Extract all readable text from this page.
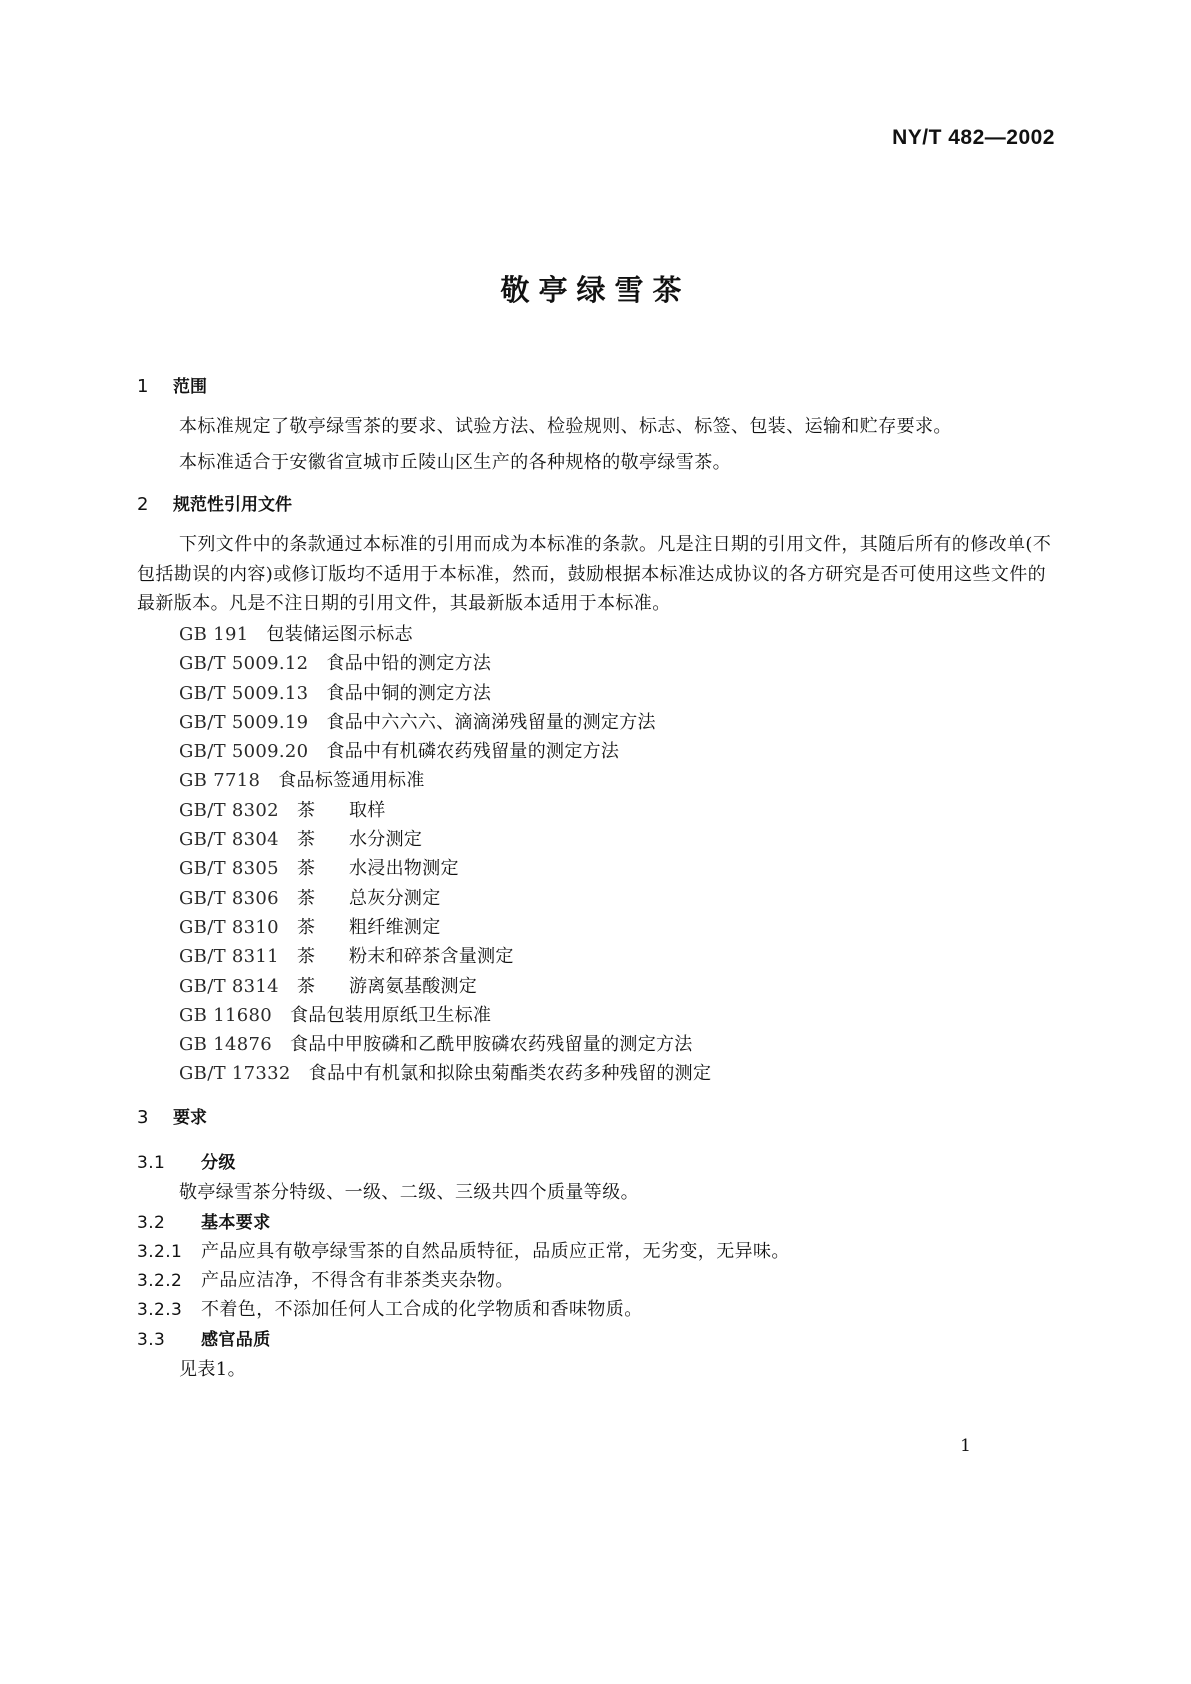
NY/T 482—2002
敬亭绿雪茶
1 范围
本标准规定了敬亭绿雪茶的要求、试验方法、检验规则、标志、标签、包装、运输和贮存要求。
本标准适合于安徽省宣城市丘陵山区生产的各种规格的敬亭绿雪茶。
2 规范性引用文件
下列文件中的条款通过本标准的引用而成为本标准的条款。凡是注日期的引用文件，其随后所有的修改单(不包括勘误的内容)或修订版均不适用于本标准，然而，鼓励根据本标准达成协议的各方研究是否可使用这些文件的最新版本。凡是不注日期的引用文件，其最新版本适用于本标准。
GB 191 包装储运图示标志
GB/T 5009.12 食品中铅的测定方法
GB/T 5009.13 食品中铜的测定方法
GB/T 5009.19 食品中六六六、滴滴涕残留量的测定方法
GB/T 5009.20 食品中有机磷农药残留量的测定方法
GB 7718 食品标签通用标准
GB/T 8302 茶 取样
GB/T 8304 茶 水分测定
GB/T 8305 茶 水浸出物测定
GB/T 8306 茶 总灰分测定
GB/T 8310 茶 粗纤维测定
GB/T 8311 茶 粉末和碎茶含量测定
GB/T 8314 茶 游离氨基酸测定
GB 11680 食品包装用原纸卫生标准
GB 14876 食品中甲胺磷和乙酰甲胺磷农药残留量的测定方法
GB/T 17332 食品中有机氯和拟除虫菊酯类农药多种残留的测定
3 要求
3.1 分级
敬亭绿雪茶分特级、一级、二级、三级共四个质量等级。
3.2 基本要求
3.2.1 产品应具有敬亭绿雪茶的自然品质特征，品质应正常，无劣变，无异味。
3.2.2 产品应洁净，不得含有非茶类夹杂物。
3.2.3 不着色，不添加任何人工合成的化学物质和香味物质。
3.3 感官品质
见表1。
1
